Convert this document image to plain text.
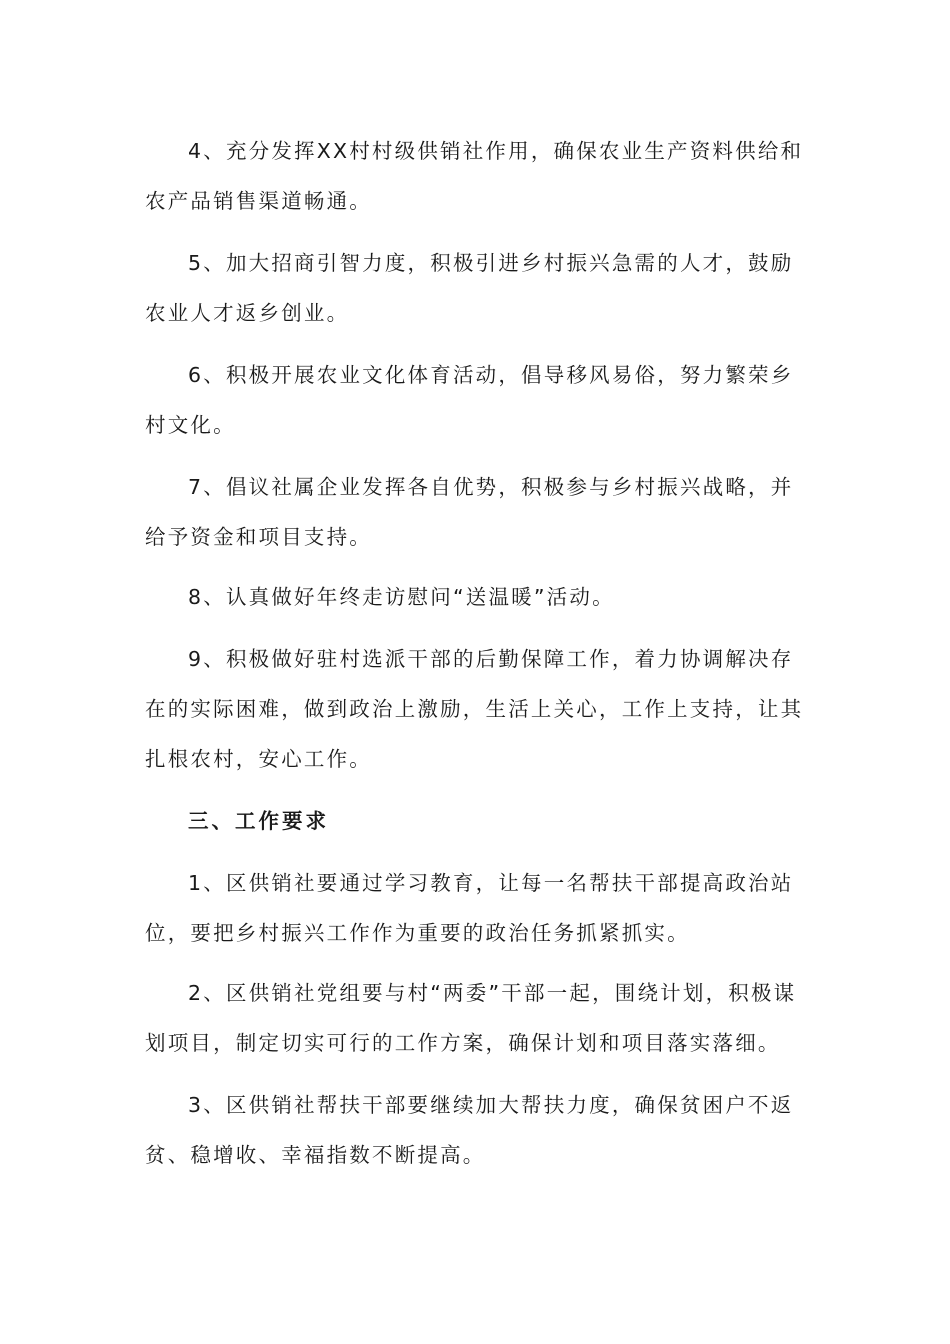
4、充分发挥XX村村级供销社作用，确保农业生产资料供给和农产品销售渠道畅通。

5、加大招商引智力度，积极引进乡村振兴急需的人才，鼓励农业人才返乡创业。

6、积极开展农业文化体育活动，倡导移风易俗，努力繁荣乡村文化。

7、倡议社属企业发挥各自优势，积极参与乡村振兴战略，并给予资金和项目支持。

8、认真做好年终走访慰问“送温暖”活动。

9、积极做好驻村选派干部的后勤保障工作，着力协调解决存在的实际困难，做到政治上激励，生活上关心，工作上支持，让其扎根农村，安心工作。

三、工作要求

1、区供销社要通过学习教育，让每一名帮扶干部提高政治站位，要把乡村振兴工作作为重要的政治任务抓紧抓实。

2、区供销社党组要与村“两委”干部一起，围绕计划，积极谋划项目，制定切实可行的工作方案，确保计划和项目落实落细。

3、区供销社帮扶干部要继续加大帮扶力度，确保贫困户不返贫、稳增收、幸福指数不断提高。
